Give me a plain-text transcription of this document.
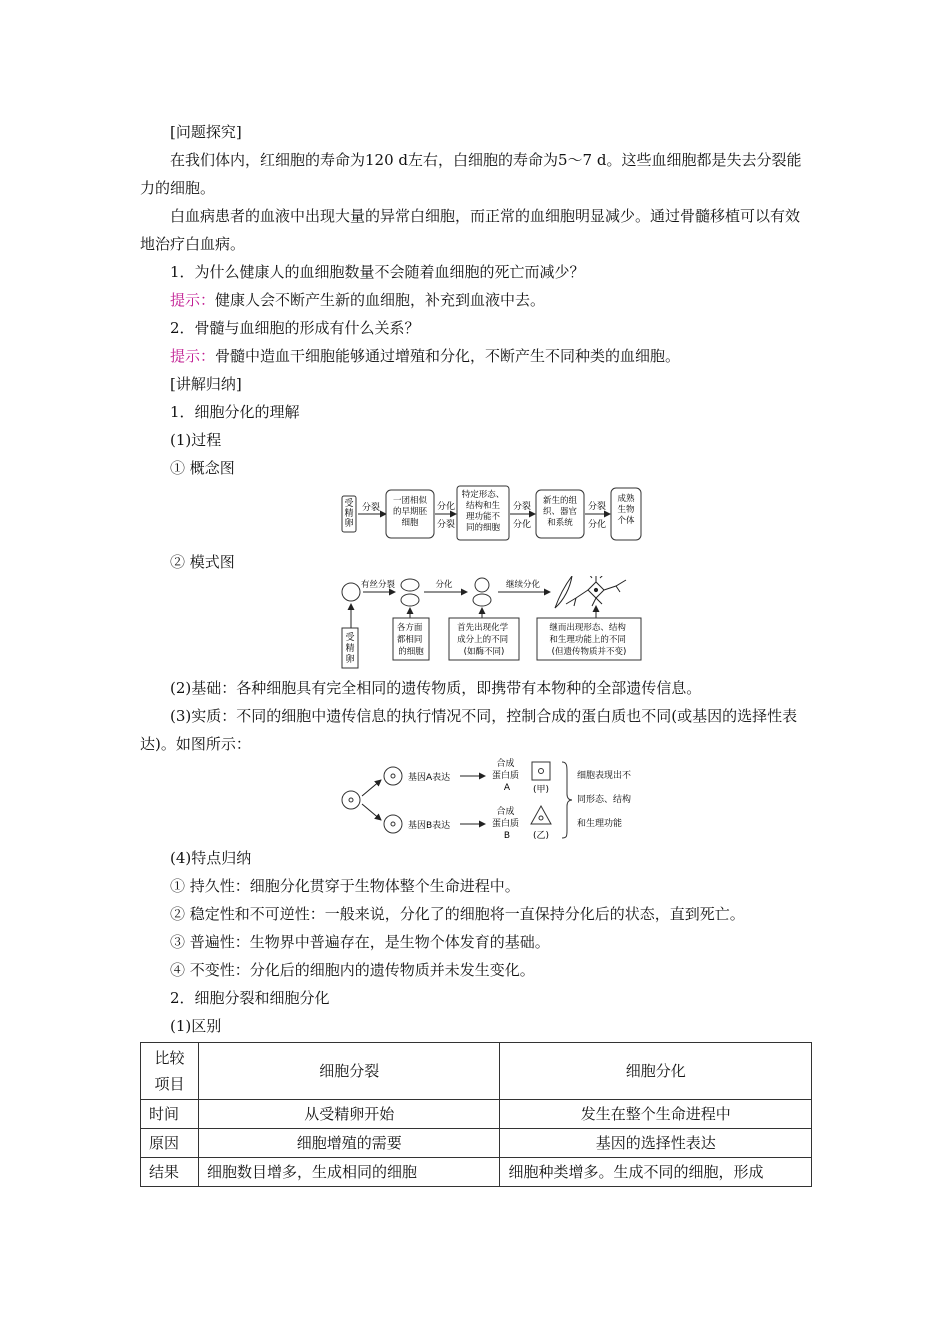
[问题探究]

在我们体内，红细胞的寿命为120 d左右，白细胞的寿命为5～7 d。这些血细胞都是失去分裂能力的细胞。

白血病患者的血液中出现大量的异常白细胞，而正常的血细胞明显减少。通过骨髓移植可以有效地治疗白血病。

1．为什么健康人的血细胞数量不会随着血细胞的死亡而减少？

提示：健康人会不断产生新的血细胞，补充到血液中去。

2．骨髓与血细胞的形成有什么关系？

提示：骨髓中造血干细胞能够通过增殖和分化，不断产生不同种类的血细胞。

[讲解归纳]

1．细胞分化的理解

(1)过程

① 概念图

受精卵
分裂
一团相似的早期胚细胞
分化
分裂
特定形态、结构和生理功能不同的细胞
分裂
分化
新生的组织、器官和系统
分裂
分化
成熟生物个体

② 模式图

有丝分裂	分化	继续分化
受精卵
各方面 都相同 的细胞
首先出现化学 成分上的不同 (如酶不同)
继而出现形态、结构 和生理功能上的不同 (但遗传物质并不变)

(2)基础：各种细胞具有完全相同的遗传物质，即携带有本物种的全部遗传信息。

(3)实质：不同的细胞中遗传信息的执行情况不同，控制合成的蛋白质也不同(或基因的选择性表达)。如图所示：

基因A表达
基因B表达
合成 蛋白质 A
合成 蛋白质 B
(甲)
(乙)
细胞表现出不 同形态、结构 和生理功能

(4)特点归纳

① 持久性：细胞分化贯穿于生物体整个生命进程中。

② 稳定性和不可逆性：一般来说，分化了的细胞将一直保持分化后的状态，直到死亡。

③ 普遍性：生物界中普遍存在，是生物个体发育的基础。

④ 不变性：分化后的细胞内的遗传物质并未发生变化。

2．细胞分裂和细胞分化

(1)区别

比较
项目	细胞分裂	细胞分化
时间	从受精卵开始	发生在整个生命进程中
原因	细胞增殖的需要	基因的选择性表达
结果	细胞数目增多，生成相同的细胞	细胞种类增多。生成不同的细胞，形成
